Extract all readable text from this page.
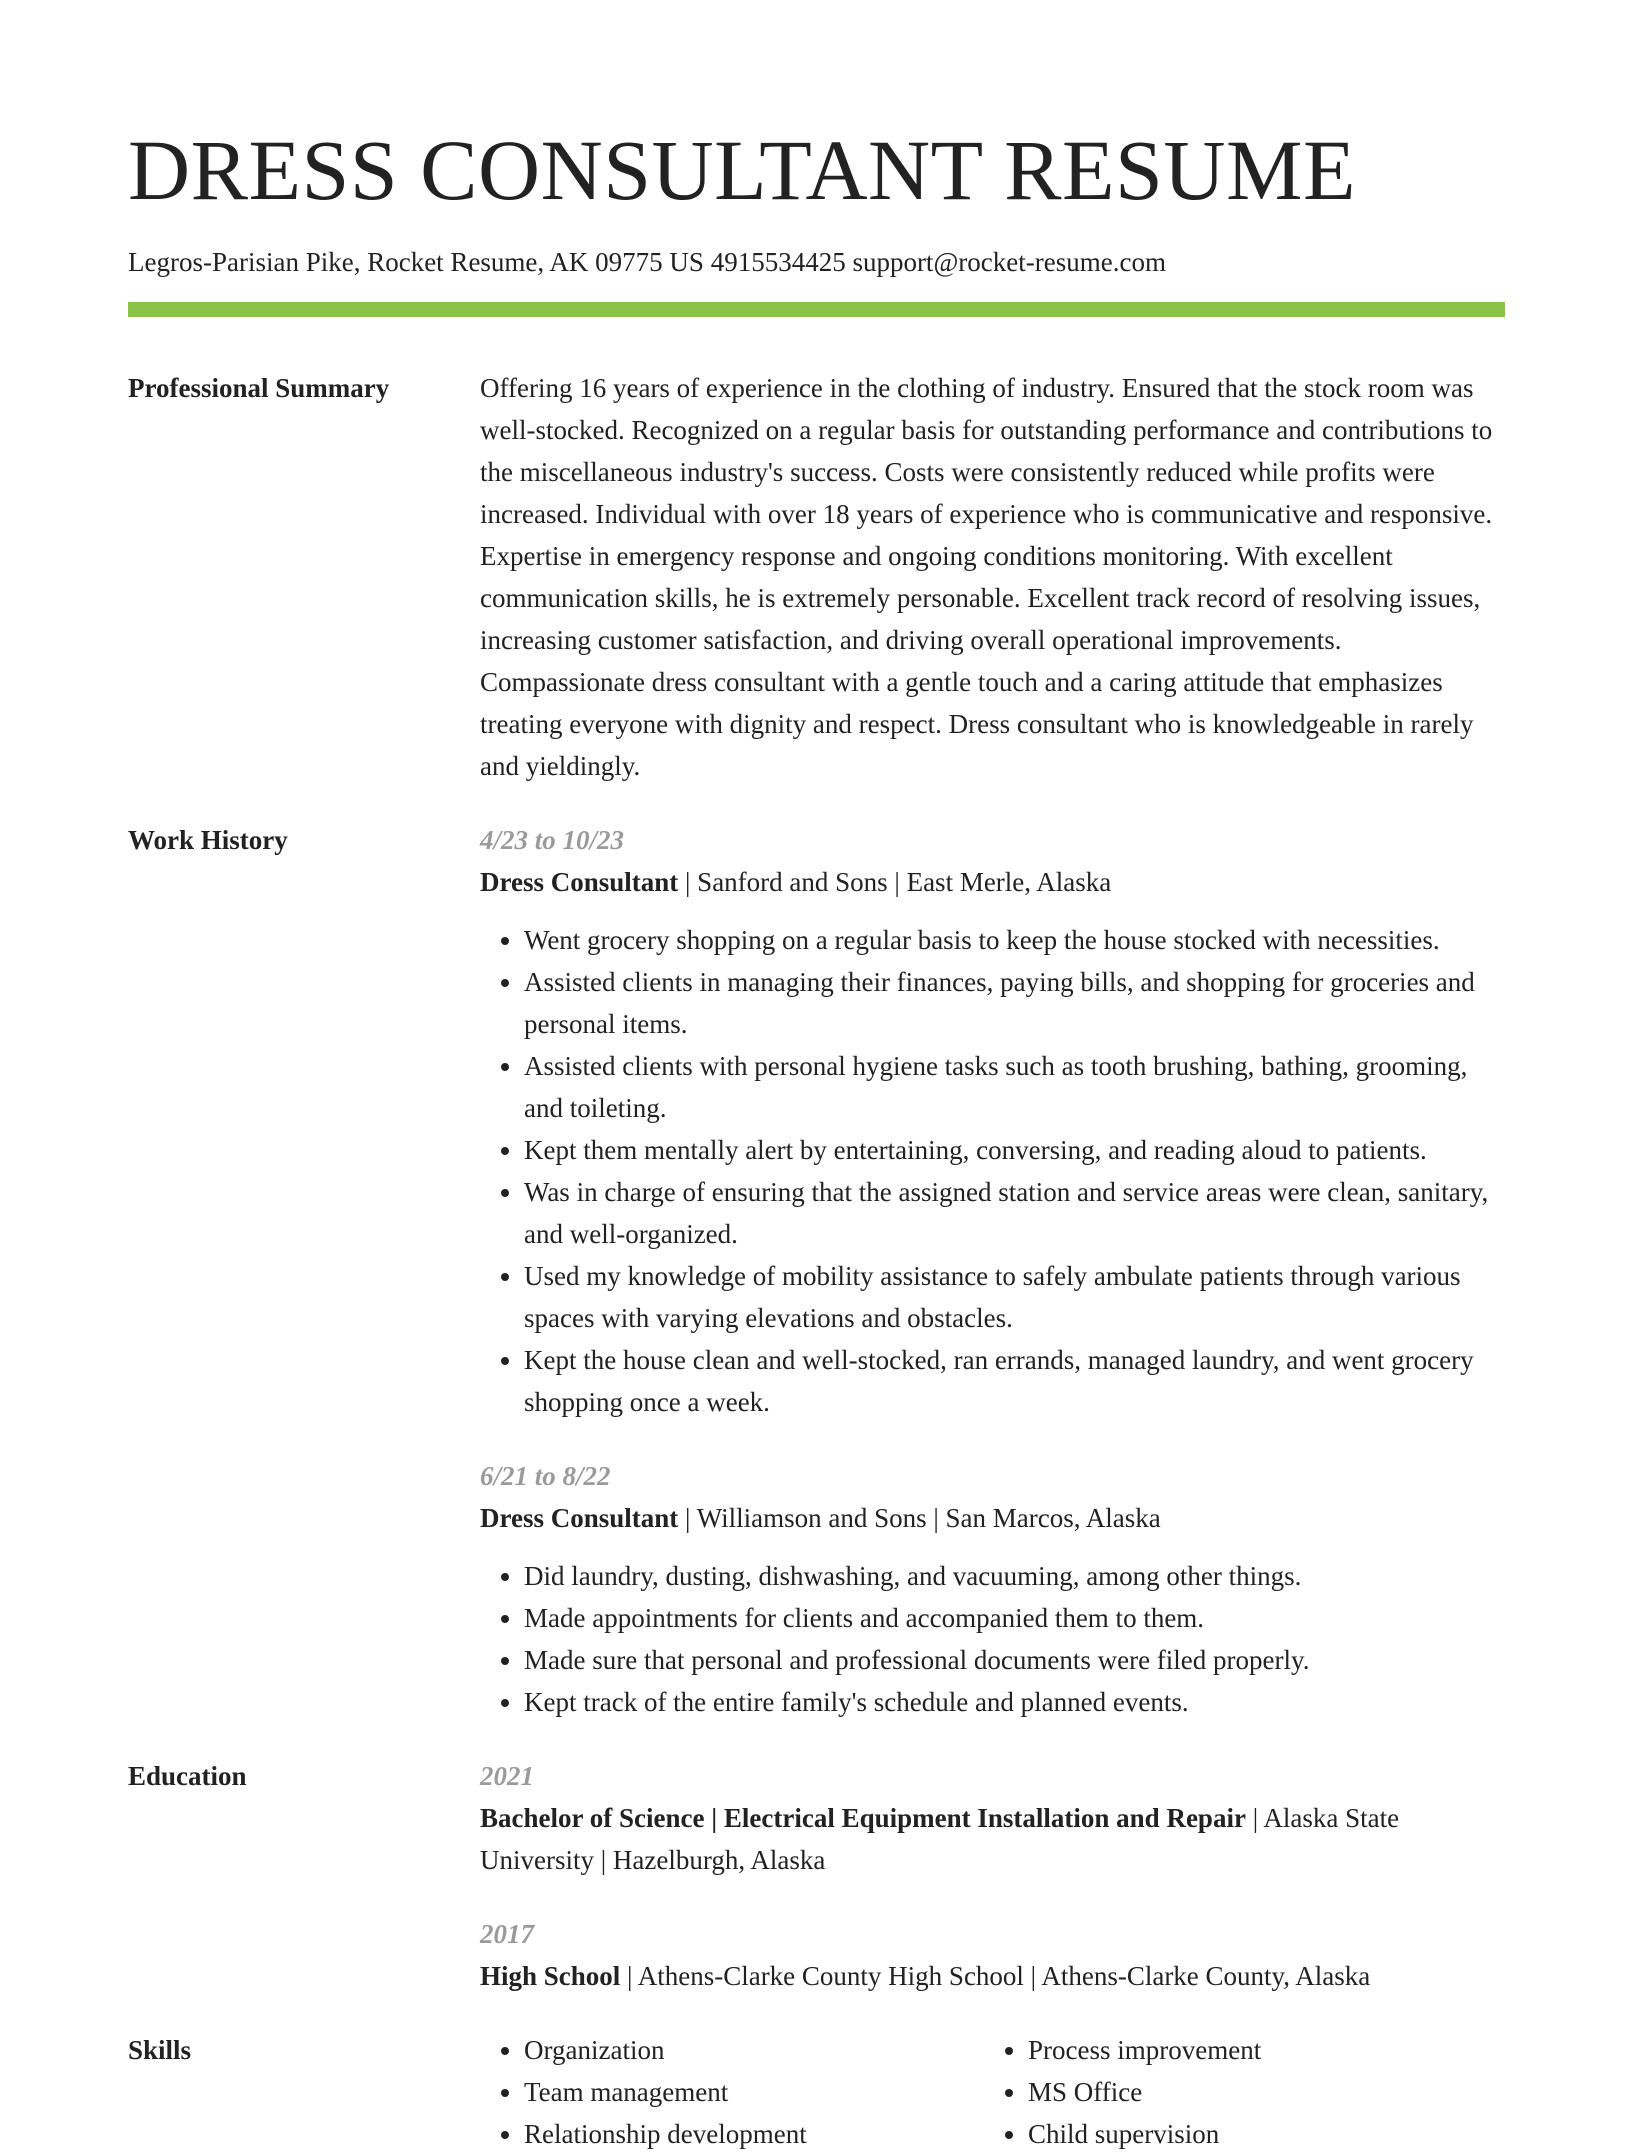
DRESS CONSULTANT RESUME
Legros-Parisian Pike, Rocket Resume, AK 09775 US 4915534425 support@rocket-resume.com
Professional Summary	Offering 16 years of experience in the clothing of industry. Ensured that the stock room was well-stocked. Recognized on a regular basis for outstanding performance and contributions to the miscellaneous industry's success. Costs were consistently reduced while profits were increased. Individual with over 18 years of experience who is communicative and responsive. Expertise in emergency response and ongoing conditions monitoring. With excellent communication skills, he is extremely personable. Excellent track record of resolving issues, increasing customer satisfaction, and driving overall operational improvements. Compassionate dress consultant with a gentle touch and a caring attitude that emphasizes treating everyone with dignity and respect. Dress consultant who is knowledgeable in rarely and yieldingly.
Work History	4/23 to 10/23
Dress Consultant | Sanford and Sons | East Merle, Alaska
• Went grocery shopping on a regular basis to keep the house stocked with necessities.
• Assisted clients in managing their finances, paying bills, and shopping for groceries and personal items.
• Assisted clients with personal hygiene tasks such as tooth brushing, bathing, grooming, and toileting.
• Kept them mentally alert by entertaining, conversing, and reading aloud to patients.
• Was in charge of ensuring that the assigned station and service areas were clean, sanitary, and well-organized.
• Used my knowledge of mobility assistance to safely ambulate patients through various spaces with varying elevations and obstacles.
• Kept the house clean and well-stocked, ran errands, managed laundry, and went grocery shopping once a week.
6/21 to 8/22
Dress Consultant | Williamson and Sons | San Marcos, Alaska
• Did laundry, dusting, dishwashing, and vacuuming, among other things.
• Made appointments for clients and accompanied them to them.
• Made sure that personal and professional documents were filed properly.
• Kept track of the entire family's schedule and planned events.
Education	2021
Bachelor of Science | Electrical Equipment Installation and Repair | Alaska State University | Hazelburgh, Alaska
2017
High School | Athens-Clarke County High School | Athens-Clarke County, Alaska
Skills
•	Organization
• Team management
• Relationship development
• Process improvement
• MS Office
• Child supervision
